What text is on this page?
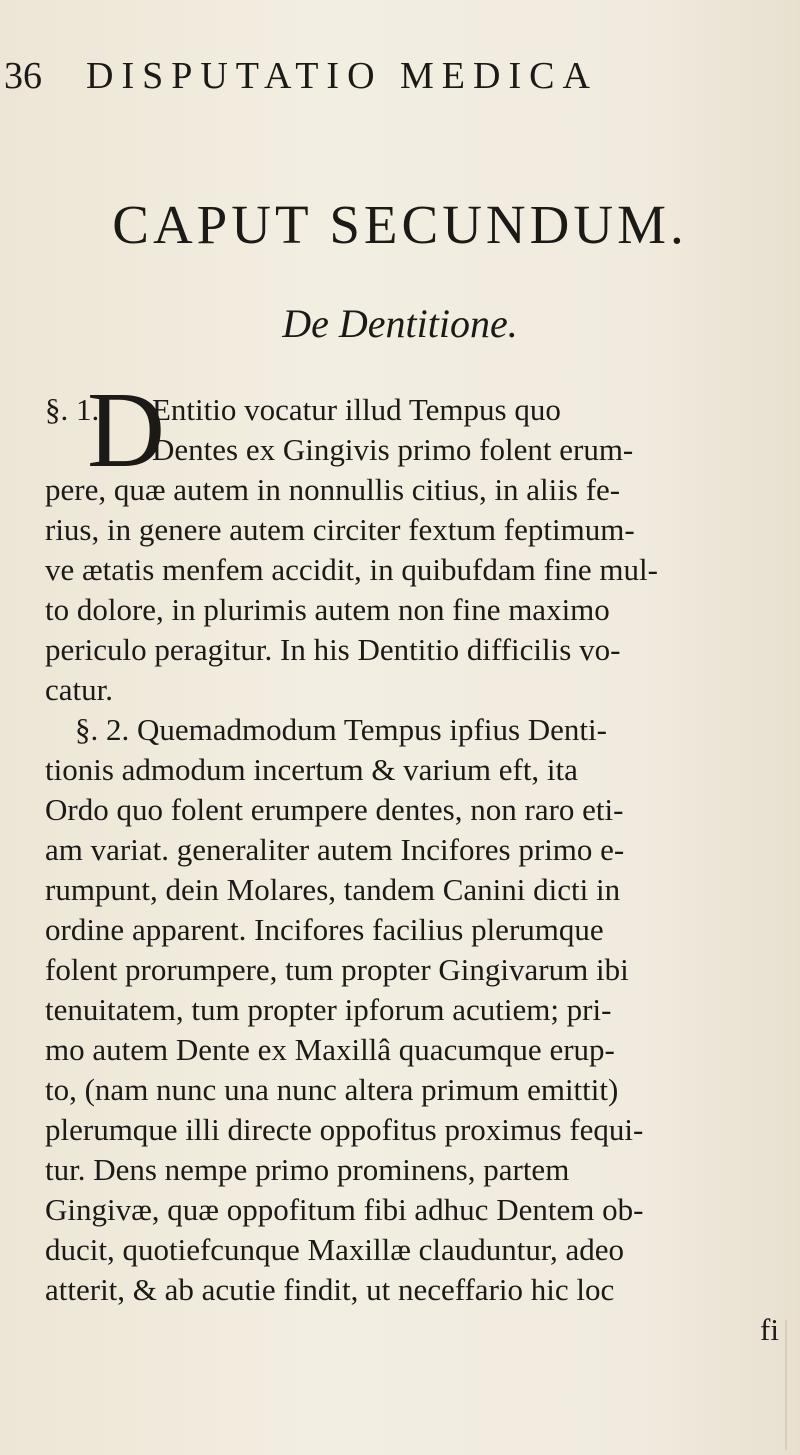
36 DISPUTATIO MEDICA
CAPUT SECUNDUM.
De Dentitione.
§. 1.
D
Entitio vocatur illud Tempus quo
Dentes ex Gingivis primo folent erum-
pere, quæ autem in nonnullis citius, in aliis fe-
rius, in genere autem circiter fextum feptimum-
ve ætatis menfem accidit, in quibufdam fine mul-
to dolore, in plurimis autem non fine maximo
periculo peragitur. In his Dentitio difficilis vo-
catur.
§. 2. Quemadmodum Tempus ipfius Denti-
tionis admodum incertum & varium eft, ita
Ordo quo folent erumpere dentes, non raro eti-
am variat. generaliter autem Incifores primo e-
rumpunt, dein Molares, tandem Canini dicti in
ordine apparent. Incifores facilius plerumque
folent prorumpere, tum propter Gingivarum ibi
tenuitatem, tum propter ipforum acutiem; pri-
mo autem Dente ex Maxillâ quacumque erup-
to, (nam nunc una nunc altera primum emittit)
plerumque illi directe oppofitus proximus fequi-
tur. Dens nempe primo prominens, partem
Gingivæ, quæ oppofitum fibi adhuc Dentem ob-
ducit, quotiefcunque Maxillæ clauduntur, adeo
atterit, & ab acutie findit, ut neceffario hic loc
fi
